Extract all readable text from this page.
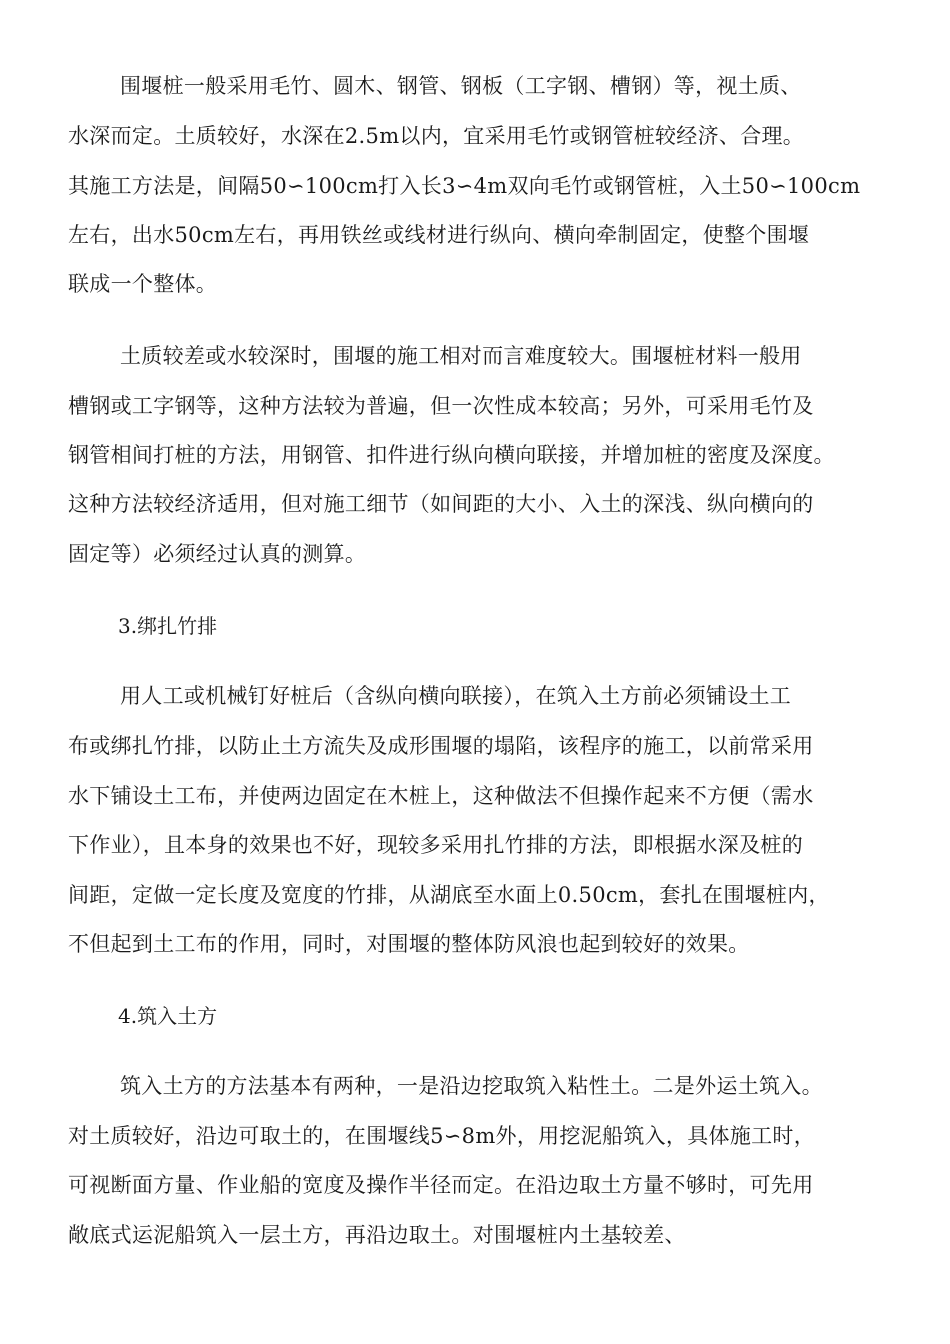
围堰桩一般采用毛竹、圆木、钢管、钢板（工字钢、槽钢）等，视土质、
水深而定。土质较好，水深在2.5m以内，宜采用毛竹或钢管桩较经济、合理。
其施工方法是，间隔50∽100cm打入长3∽4m双向毛竹或钢管桩，入土50∽100cm
左右，出水50cm左右，再用铁丝或线材进行纵向、横向牵制固定，使整个围堰
联成一个整体。
土质较差或水较深时，围堰的施工相对而言难度较大。围堰桩材料一般用
槽钢或工字钢等，这种方法较为普遍，但一次性成本较高；另外，可采用毛竹及
钢管相间打桩的方法，用钢管、扣件进行纵向横向联接，并增加桩的密度及深度。
这种方法较经济适用，但对施工细节（如间距的大小、入土的深浅、纵向横向的
固定等）必须经过认真的测算。
3.绑扎竹排
用人工或机械钉好桩后（含纵向横向联接），在筑入土方前必须铺设土工
布或绑扎竹排，以防止土方流失及成形围堰的塌陷，该程序的施工，以前常采用
水下铺设土工布，并使两边固定在木桩上，这种做法不但操作起来不方便（需水
下作业），且本身的效果也不好，现较多采用扎竹排的方法，即根据水深及桩的
间距，定做一定长度及宽度的竹排，从湖底至水面上0.50cm，套扎在围堰桩内，
不但起到土工布的作用，同时，对围堰的整体防风浪也起到较好的效果。
4.筑入土方
筑入土方的方法基本有两种，一是沿边挖取筑入粘性土。二是外运土筑入。
对土质较好，沿边可取土的，在围堰线5∽8m外，用挖泥船筑入，具体施工时，
可视断面方量、作业船的宽度及操作半径而定。在沿边取土方量不够时，可先用
敞底式运泥船筑入一层土方，再沿边取土。对围堰桩内土基较差、
